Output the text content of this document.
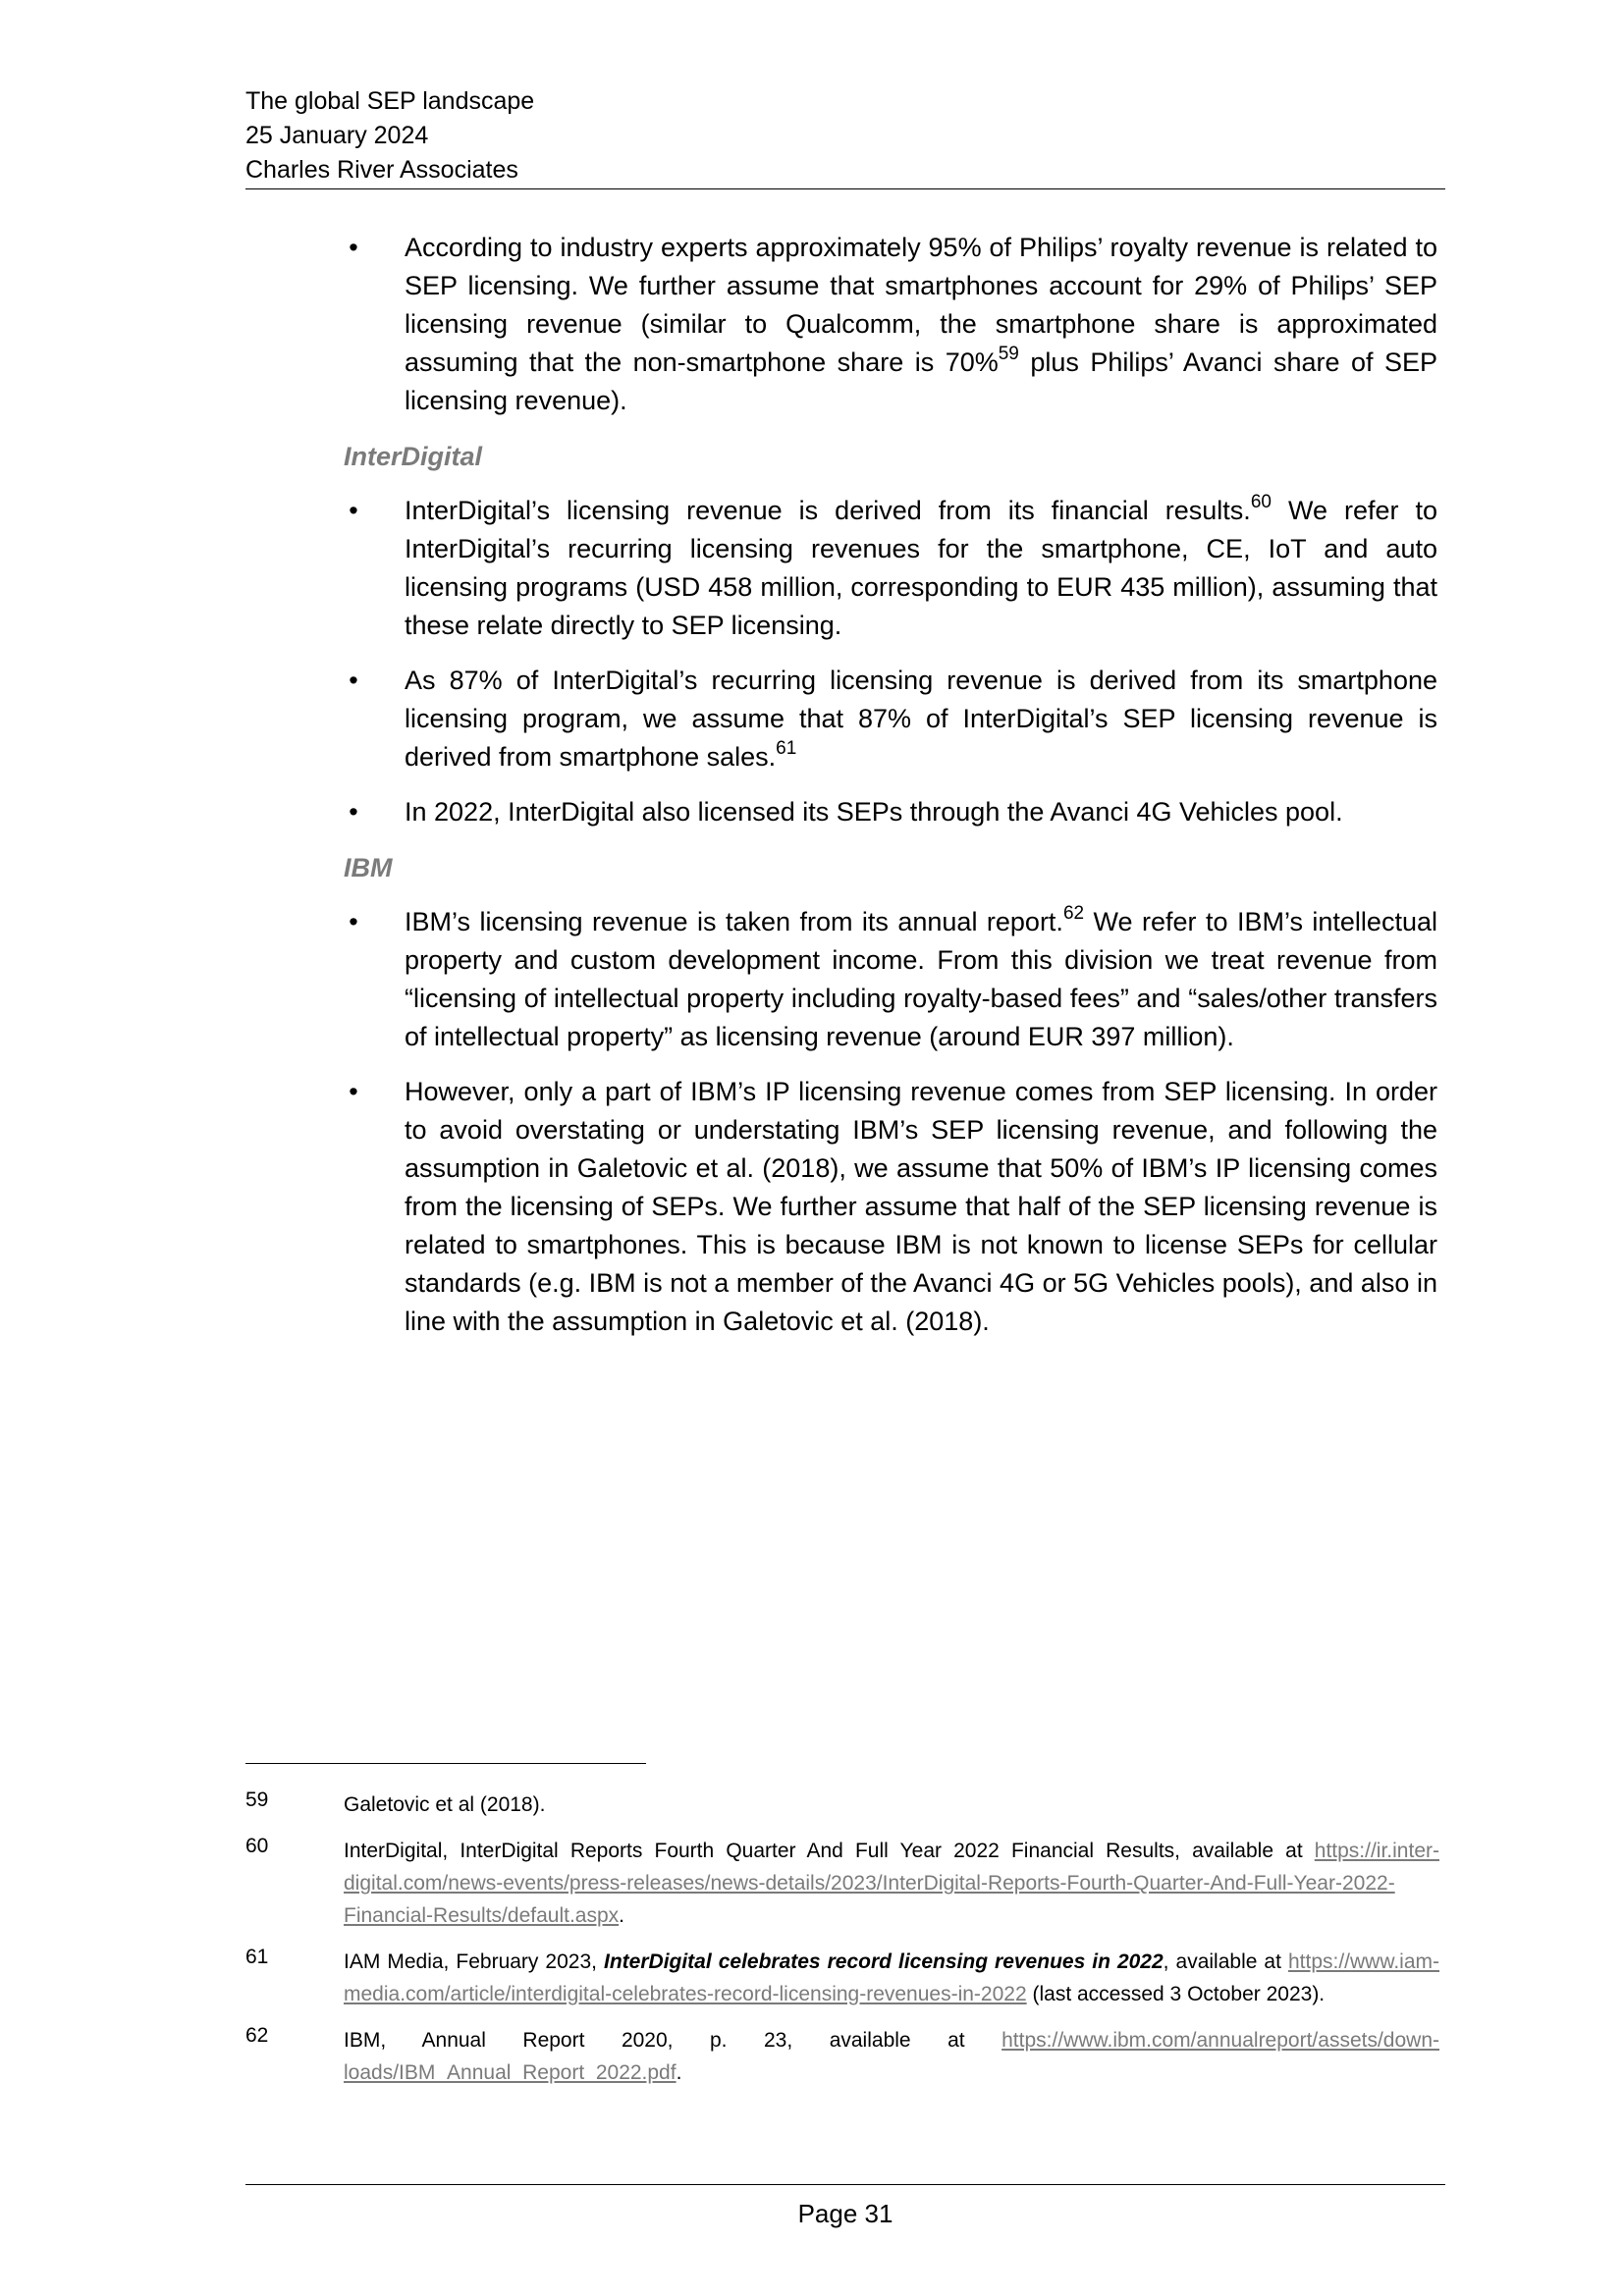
The global SEP landscape
25 January 2024
Charles River Associates
• According to industry experts approximately 95% of Philips’ royalty revenue is related to SEP licensing. We further assume that smartphones account for 29% of Philips’ SEP licensing revenue (similar to Qualcomm, the smartphone share is approximated assuming that the non-smartphone share is 70%$^{59}$ plus Philips’ Avanci share of SEP licensing revenue).
InterDigital
• InterDigital’s licensing revenue is derived from its financial results.$^{60}$ We refer to InterDigital’s recurring licensing revenues for the smartphone, CE, IoT and auto licensing programs (USD 458 million, corresponding to EUR 435 million), assuming that these relate directly to SEP licensing.
• As 87% of InterDigital’s recurring licensing revenue is derived from its smartphone licensing program, we assume that 87% of InterDigital’s SEP licensing revenue is derived from smartphone sales.$^{61}$
• In 2022, InterDigital also licensed its SEPs through the Avanci 4G Vehicles pool.
IBM
• IBM’s licensing revenue is taken from its annual report.$^{62}$ We refer to IBM’s intellectual property and custom development income. From this division we treat revenue from “licensing of intellectual property including royalty-based fees” and “sales/other transfers of intellectual property” as licensing revenue (around EUR 397 million).
• However, only a part of IBM’s IP licensing revenue comes from SEP licensing. In order to avoid overstating or understating IBM’s SEP licensing revenue, and following the assumption in Galetovic et al. (2018), we assume that 50% of IBM’s IP licensing comes from the licensing of SEPs. We further assume that half of the SEP licensing revenue is related to smartphones. This is because IBM is not known to license SEPs for cellular standards (e.g. IBM is not a member of the Avanci 4G or 5G Vehicles pools), and also in line with the assumption in Galetovic et al. (2018).
59	Galetovic et al (2018).
60	InterDigital, InterDigital Reports Fourth Quarter And Full Year 2022 Financial Results, available at https://ir.inter-digital.com/news-events/press-releases/news-details/2023/InterDigital-Reports-Fourth-Quarter-And-Full-Year-2022-Financial-Results/default.aspx.
61	IAM Media, February 2023, InterDigital celebrates record licensing revenues in 2022, available at https://www.iam-media.com/article/interdigital-celebrates-record-licensing-revenues-in-2022 (last accessed 3 October 2023).
62	IBM, Annual Report 2020, p. 23, available at https://www.ibm.com/annualreport/assets/down-loads/IBM_Annual_Report_2022.pdf.
Page 31
